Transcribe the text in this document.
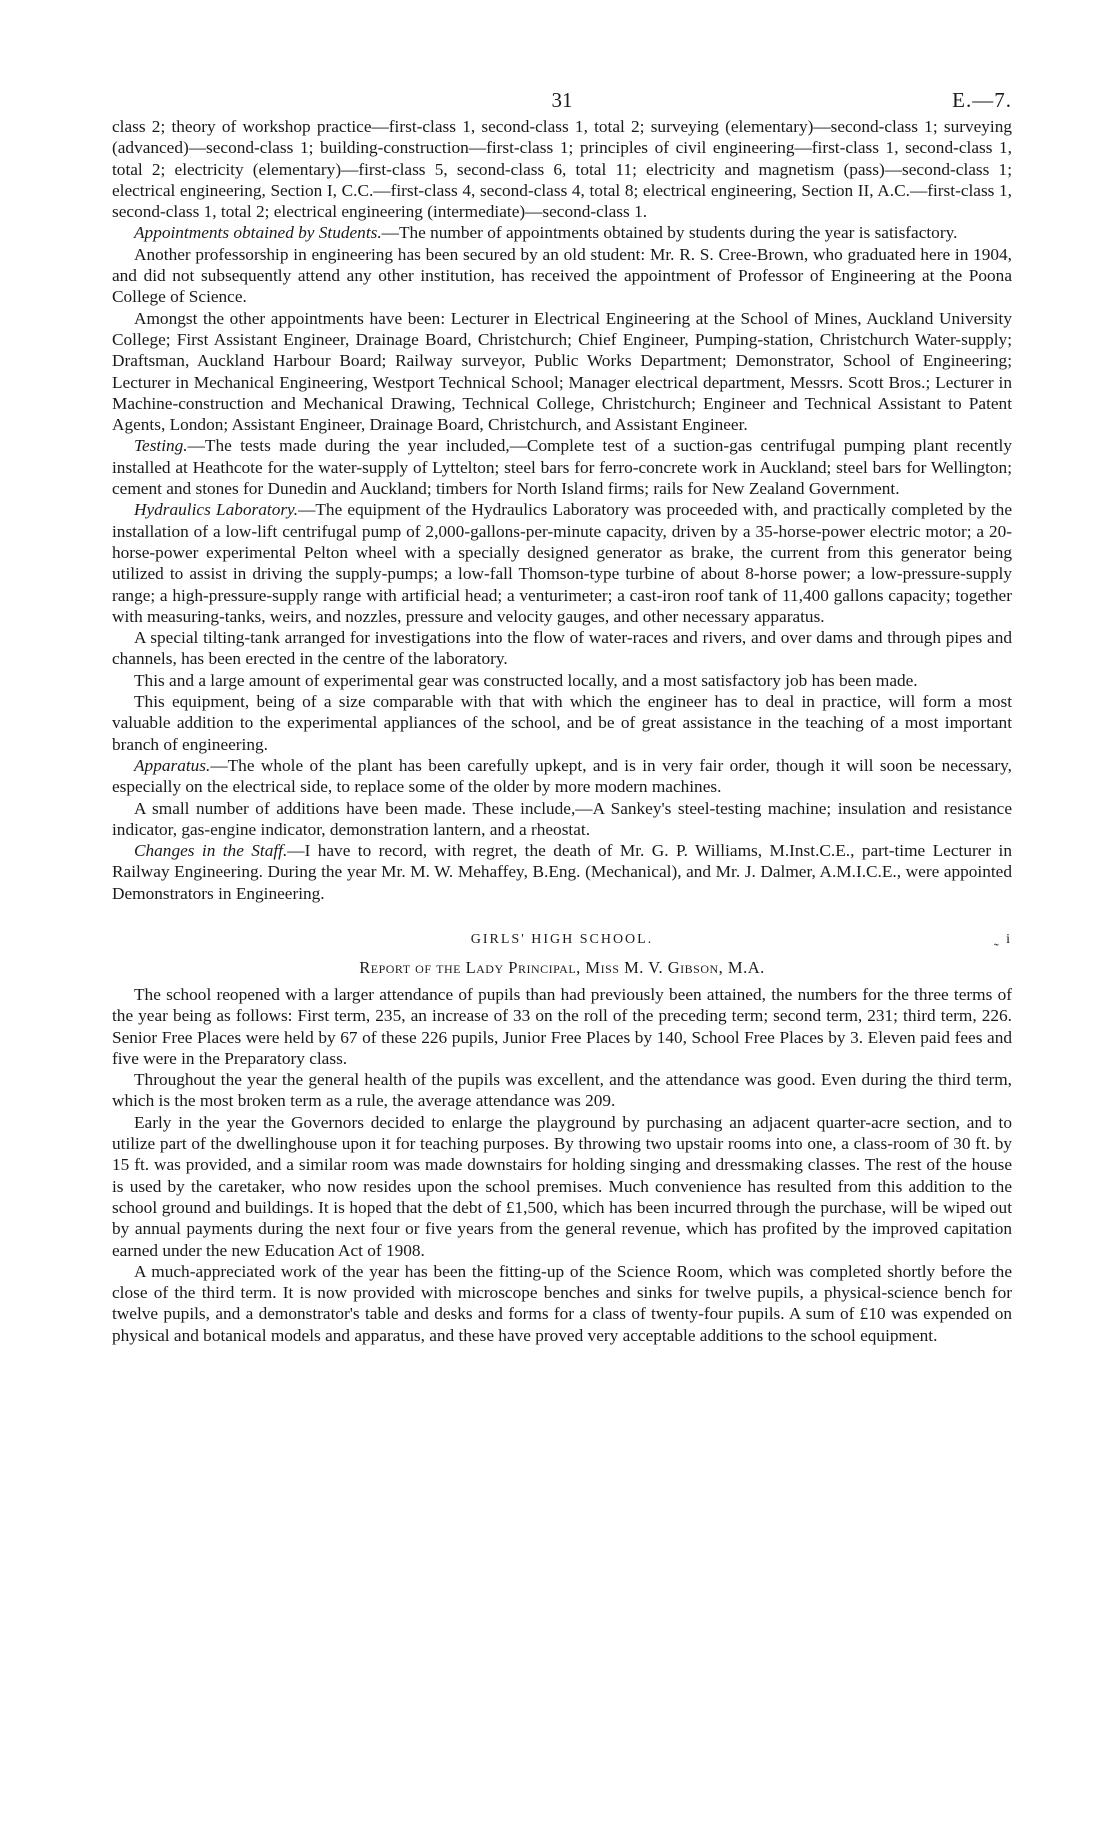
31	E.—7.

class 2; theory of workshop practice—first-class 1, second-class 1, total 2; surveying (elementary)—second-class 1; surveying (advanced)—second-class 1; building-construction—first-class 1; principles of civil engineering—first-class 1, second-class 1, total 2; electricity (elementary)—first-class 5, second-class 6, total 11; electricity and magnetism (pass)—second-class 1; electrical engineering, Section I, C.C.—first-class 4, second-class 4, total 8; electrical engineering, Section II, A.C.—first-class 1, second-class 1, total 2; electrical engineering (intermediate)—second-class 1.

Appointments obtained by Students.—The number of appointments obtained by students during the year is satisfactory.

Another professorship in engineering has been secured by an old student: Mr. R. S. Cree-Brown, who graduated here in 1904, and did not subsequently attend any other institution, has received the appointment of Professor of Engineering at the Poona College of Science.

Amongst the other appointments have been: Lecturer in Electrical Engineering at the School of Mines, Auckland University College; First Assistant Engineer, Drainage Board, Christchurch; Chief Engineer, Pumping-station, Christchurch Water-supply; Draftsman, Auckland Harbour Board; Railway surveyor, Public Works Department; Demonstrator, School of Engineering; Lecturer in Mechanical Engineering, Westport Technical School; Manager electrical department, Messrs. Scott Bros.; Lecturer in Machine-construction and Mechanical Drawing, Technical College, Christchurch; Engineer and Technical Assistant to Patent Agents, London; Assistant Engineer, Drainage Board, Christchurch, and Assistant Engineer.

Testing.—The tests made during the year included,—Complete test of a suction-gas centrifugal pumping plant recently installed at Heathcote for the water-supply of Lyttelton; steel bars for ferro-concrete work in Auckland; steel bars for Wellington; cement and stones for Dunedin and Auckland; timbers for North Island firms; rails for New Zealand Government.

Hydraulics Laboratory.—The equipment of the Hydraulics Laboratory was proceeded with, and practically completed by the installation of a low-lift centrifugal pump of 2,000-gallons-per-minute capacity, driven by a 35-horse-power electric motor; a 20-horse-power experimental Pelton wheel with a specially designed generator as brake, the current from this generator being utilized to assist in driving the supply-pumps; a low-fall Thomson-type turbine of about 8-horse power; a low-pressure-supply range; a high-pressure-supply range with artificial head; a venturimeter; a cast-iron roof tank of 11,400 gallons capacity; together with measuring-tanks, weirs, and nozzles, pressure and velocity gauges, and other necessary apparatus.

A special tilting-tank arranged for investigations into the flow of water-races and rivers, and over dams and through pipes and channels, has been erected in the centre of the laboratory.

This and a large amount of experimental gear was constructed locally, and a most satisfactory job has been made.

This equipment, being of a size comparable with that with which the engineer has to deal in practice, will form a most valuable addition to the experimental appliances of the school, and be of great assistance in the teaching of a most important branch of engineering.

Apparatus.—The whole of the plant has been carefully upkept, and is in very fair order, though it will soon be necessary, especially on the electrical side, to replace some of the older by more modern machines.

A small number of additions have been made. These include,—A Sankey's steel-testing machine; insulation and resistance indicator, gas-engine indicator, demonstration lantern, and a rheostat.

Changes in the Staff.—I have to record, with regret, the death of Mr. G. P. Williams, M.Inst.C.E., part-time Lecturer in Railway Engineering. During the year Mr. M. W. Mehaffey, B.Eng. (Mechanical), and Mr. J. Dalmer, A.M.I.C.E., were appointed Demonstrators in Engineering.

GIRLS' HIGH SCHOOL.	˷ i
Report of the Lady Principal, Miss M. V. Gibson, M.A.

The school reopened with a larger attendance of pupils than had previously been attained, the numbers for the three terms of the year being as follows: First term, 235, an increase of 33 on the roll of the preceding term; second term, 231; third term, 226. Senior Free Places were held by 67 of these 226 pupils, Junior Free Places by 140, School Free Places by 3. Eleven paid fees and five were in the Preparatory class.

Throughout the year the general health of the pupils was excellent, and the attendance was good. Even during the third term, which is the most broken term as a rule, the average attendance was 209.

Early in the year the Governors decided to enlarge the playground by purchasing an adjacent quarter-acre section, and to utilize part of the dwellinghouse upon it for teaching purposes. By throwing two upstair rooms into one, a class-room of 30 ft. by 15 ft. was provided, and a similar room was made downstairs for holding singing and dressmaking classes. The rest of the house is used by the caretaker, who now resides upon the school premises. Much convenience has resulted from this addition to the school ground and buildings. It is hoped that the debt of £1,500, which has been incurred through the purchase, will be wiped out by annual payments during the next four or five years from the general revenue, which has profited by the improved capitation earned under the new Education Act of 1908.

A much-appreciated work of the year has been the fitting-up of the Science Room, which was completed shortly before the close of the third term. It is now provided with microscope benches and sinks for twelve pupils, a physical-science bench for twelve pupils, and a demonstrator's table and desks and forms for a class of twenty-four pupils. A sum of £10 was expended on physical and botanical models and apparatus, and these have proved very acceptable additions to the school equipment.
